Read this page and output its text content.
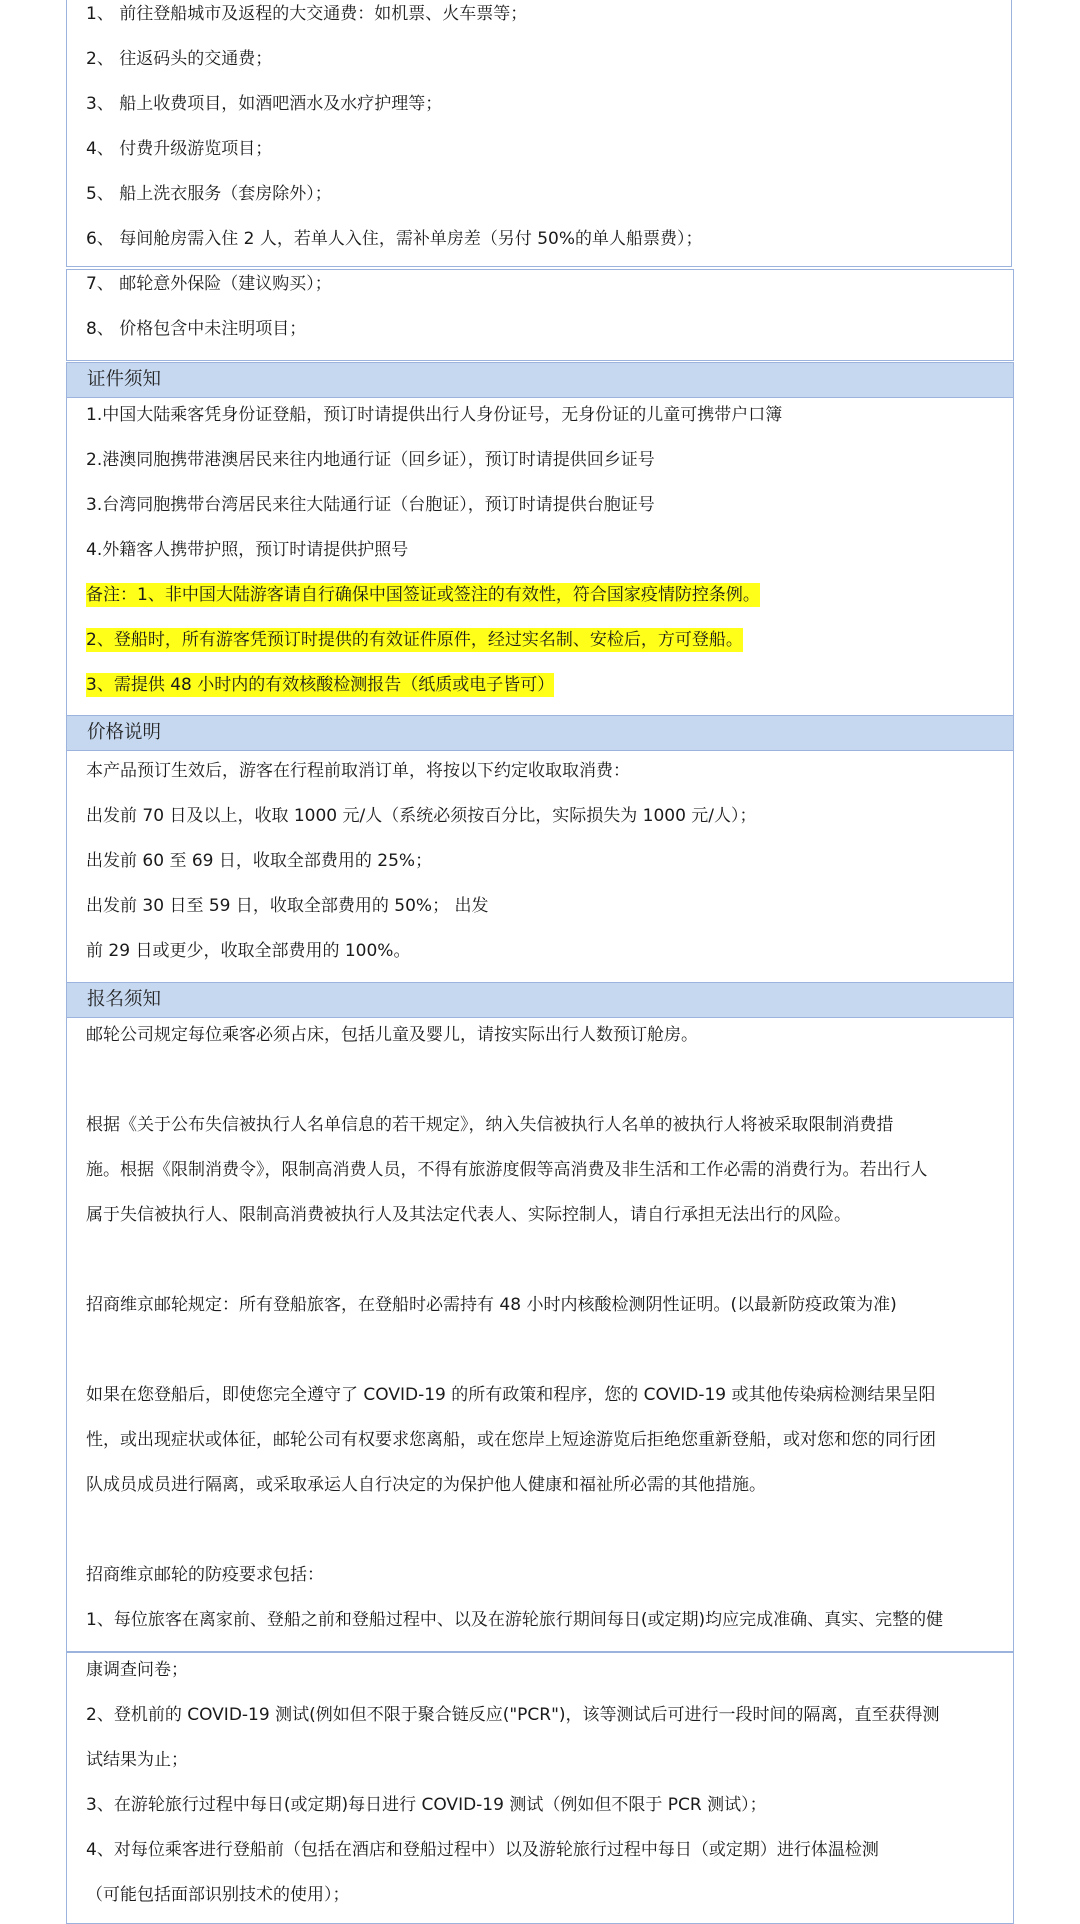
1、 前往登船城市及返程的大交通费：如机票、火车票等；
2、 往返码头的交通费；
3、 船上收费项目，如酒吧酒水及水疗护理等；
4、 付费升级游览项目；
5、 船上洗衣服务（套房除外）；
6、 每间舱房需入住 2 人，若单人入住，需补单房差（另付 50%的单人船票费）；
7、 邮轮意外保险（建议购买）；
8、 价格包含中未注明项目；
证件须知
1.中国大陆乘客凭身份证登船，预订时请提供出行人身份证号，无身份证的儿童可携带户口簿
2.港澳同胞携带港澳居民来往内地通行证（回乡证），预订时请提供回乡证号
3.台湾同胞携带台湾居民来往大陆通行证（台胞证），预订时请提供台胞证号
4.外籍客人携带护照，预订时请提供护照号
备注：1、非中国大陆游客请自行确保中国签证或签注的有效性，符合国家疫情防控条例。
2、登船时，所有游客凭预订时提供的有效证件原件，经过实名制、安检后，方可登船。
3、需提供 48 小时内的有效核酸检测报告（纸质或电子皆可）
价格说明
本产品预订生效后，游客在行程前取消订单，将按以下约定收取取消费：
出发前 70 日及以上，收取 1000 元/人（系统必须按百分比，实际损失为 1000 元/人）；
出发前 60 至 69 日，收取全部费用的 25%；
出发前 30 日至 59 日，收取全部费用的 50%； 出发
前 29 日或更少，收取全部费用的 100%。
报名须知
邮轮公司规定每位乘客必须占床，包括儿童及婴儿，请按实际出行人数预订舱房。
根据《关于公布失信被执行人名单信息的若干规定》，纳入失信被执行人名单的被执行人将被采取限制消费措
施。根据《限制消费令》，限制高消费人员，不得有旅游度假等高消费及非生活和工作必需的消费行为。若出行人
属于失信被执行人、限制高消费被执行人及其法定代表人、实际控制人，请自行承担无法出行的风险。
招商维京邮轮规定：所有登船旅客，在登船时必需持有 48 小时内核酸检测阴性证明。(以最新防疫政策为准)
如果在您登船后，即使您完全遵守了 COVID-19 的所有政策和程序，您的 COVID-19 或其他传染病检测结果呈阳
性，或出现症状或体征，邮轮公司有权要求您离船，或在您岸上短途游览后拒绝您重新登船，或对您和您的同行团
队成员成员进行隔离，或采取承运人自行决定的为保护他人健康和福祉所必需的其他措施。
招商维京邮轮的防疫要求包括：
1、每位旅客在离家前、登船之前和登船过程中、以及在游轮旅行期间每日(或定期)均应完成准确、真实、完整的健
康调查问卷；
2、登机前的 COVID-19 测试(例如但不限于聚合链反应("PCR")，该等测试后可进行一段时间的隔离，直至获得测
试结果为止；
3、在游轮旅行过程中每日(或定期)每日进行 COVID-19 测试（例如但不限于 PCR 测试）；
4、对每位乘客进行登船前（包括在酒店和登船过程中）以及游轮旅行过程中每日（或定期）进行体温检测
（可能包括面部识别技术的使用）；
